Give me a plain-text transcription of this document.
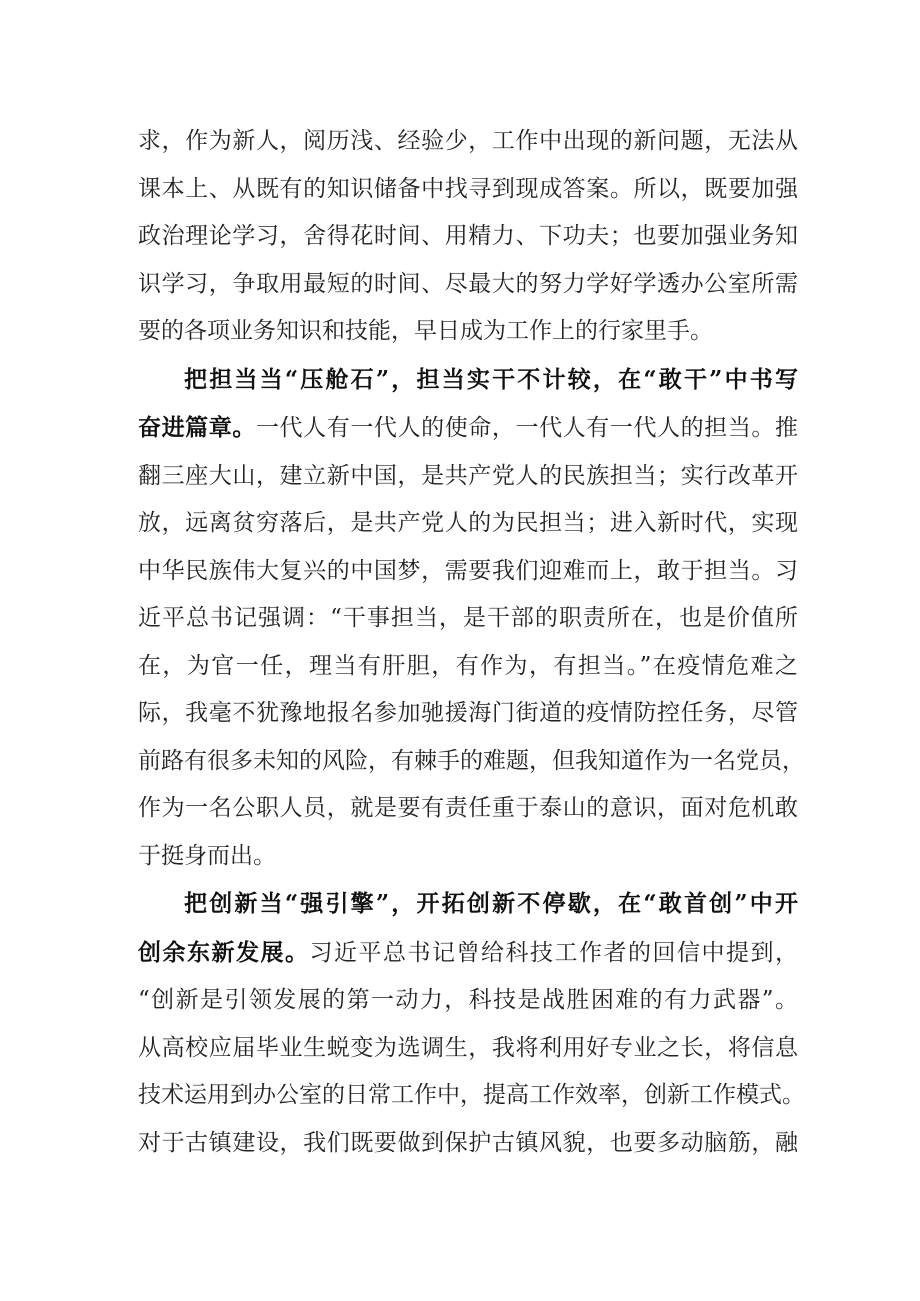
求，作为新人，阅历浅、经验少，工作中出现的新问题，无法从
课本上、从既有的知识储备中找寻到现成答案。所以，既要加强
政治理论学习，舍得花时间、用精力、下功夫；也要加强业务知
识学习，争取用最短的时间、尽最大的努力学好学透办公室所需
要的各项业务知识和技能，早日成为工作上的行家里手。

把担当当“压舱石”，担当实干不计较，在“敢干”中书写
奋进篇章。一代人有一代人的使命，一代人有一代人的担当。推
翻三座大山，建立新中国，是共产党人的民族担当；实行改革开
放，远离贫穷落后，是共产党人的为民担当；进入新时代，实现
中华民族伟大复兴的中国梦，需要我们迎难而上，敢于担当。习
近平总书记强调：“干事担当，是干部的职责所在，也是价值所
在，为官一任，理当有肝胆，有作为，有担当。”在疫情危难之
际，我毫不犹豫地报名参加驰援海门街道的疫情防控任务，尽管
前路有很多未知的风险，有棘手的难题，但我知道作为一名党员，
作为一名公职人员，就是要有责任重于泰山的意识，面对危机敢
于挺身而出。

把创新当“强引擎”，开拓创新不停歇，在“敢首创”中开
创余东新发展。习近平总书记曾给科技工作者的回信中提到，
“创新是引领发展的第一动力，科技是战胜困难的有力武器”。
从高校应届毕业生蜕变为选调生，我将利用好专业之长，将信息
技术运用到办公室的日常工作中，提高工作效率，创新工作模式。
对于古镇建设，我们既要做到保护古镇风貌，也要多动脑筋，融
